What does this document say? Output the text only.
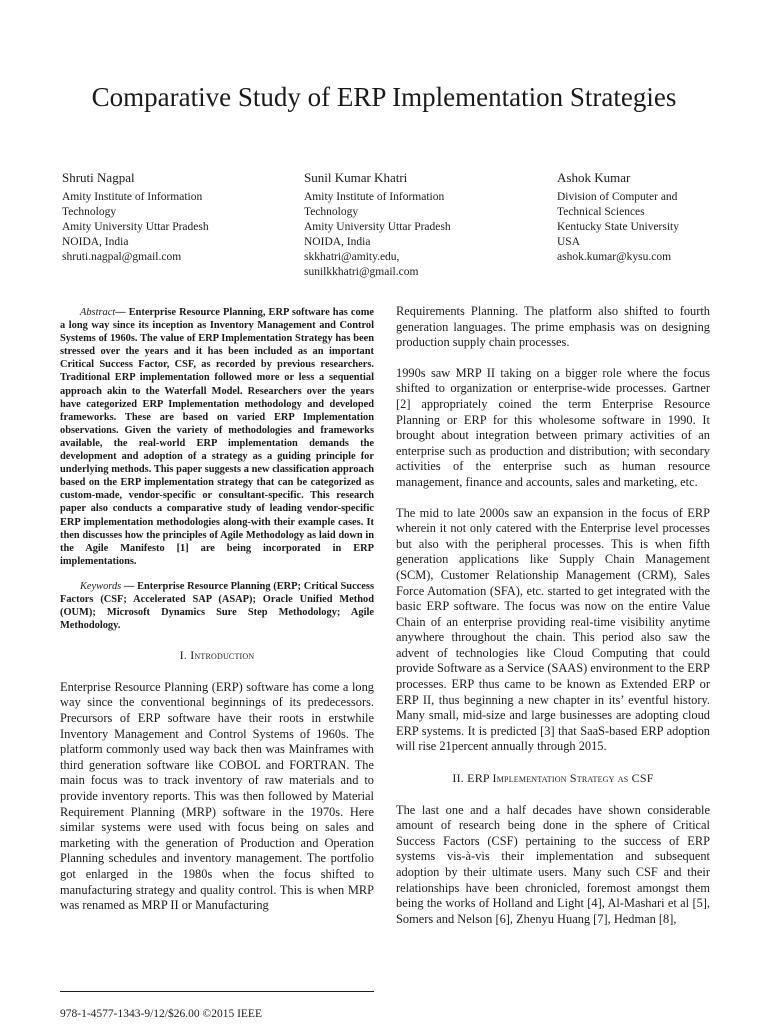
Comparative Study of ERP Implementation Strategies
Shruti Nagpal
Amity Institute of Information
Technology
Amity University Uttar Pradesh
NOIDA, India
shruti.nagpal@gmail.com
Sunil Kumar Khatri
Amity Institute of Information
Technology
Amity University Uttar Pradesh
NOIDA, India
skkhatri@amity.edu,
sunilkkhatri@gmail.com
Ashok Kumar
Division of Computer and
Technical Sciences
Kentucky State University
USA
ashok.kumar@kysu.com

Abstract— Enterprise Resource Planning, ERP software has come a long way since its inception as Inventory Management and Control Systems of 1960s. The value of ERP Implementation Strategy has been stressed over the years and it has been included as an important Critical Success Factor, CSF, as recorded by previous researchers. Traditional ERP implementation followed more or less a sequential approach akin to the Waterfall Model. Researchers over the years have categorized ERP Implementation methodology and developed frameworks. These are based on varied ERP Implementation observations. Given the variety of methodologies and frameworks available, the real-world ERP implementation demands the development and adoption of a strategy as a guiding principle for underlying methods. This paper suggests a new classification approach based on the ERP implementation strategy that can be categorized as custom-made, vendor-specific or consultant-specific. This research paper also conducts a comparative study of leading vendor-specific ERP implementation methodologies along-with their example cases. It then discusses how the principles of Agile Methodology as laid down in the Agile Manifesto [1] are being incorporated in ERP implementations.

Keywords — Enterprise Resource Planning (ERP; Critical Success Factors (CSF; Accelerated SAP (ASAP); Oracle Unified Method (OUM); Microsoft Dynamics Sure Step Methodology; Agile Methodology.

I. Introduction

Enterprise Resource Planning (ERP) software has come a long way since the conventional beginnings of its predecessors. Precursors of ERP software have their roots in erstwhile Inventory Management and Control Systems of 1960s. The platform commonly used way back then was Mainframes with third generation software like COBOL and FORTRAN. The main focus was to track inventory of raw materials and to provide inventory reports. This was then followed by Material Requirement Planning (MRP) software in the 1970s. Here similar systems were used with focus being on sales and marketing with the generation of Production and Operation Planning schedules and inventory management. The portfolio got enlarged in the 1980s when the focus shifted to manufacturing strategy and quality control. This is when MRP was renamed as MRP II or Manufacturing

Requirements Planning. The platform also shifted to fourth generation languages. The prime emphasis was on designing production supply chain processes.

1990s saw MRP II taking on a bigger role where the focus shifted to organization or enterprise-wide processes. Gartner [2] appropriately coined the term Enterprise Resource Planning or ERP for this wholesome software in 1990. It brought about integration between primary activities of an enterprise such as production and distribution; with secondary activities of the enterprise such as human resource management, finance and accounts, sales and marketing, etc.

The mid to late 2000s saw an expansion in the focus of ERP wherein it not only catered with the Enterprise level processes but also with the peripheral processes. This is when fifth generation applications like Supply Chain Management (SCM), Customer Relationship Management (CRM), Sales Force Automation (SFA), etc. started to get integrated with the basic ERP software. The focus was now on the entire Value Chain of an enterprise providing real-time visibility anytime anywhere throughout the chain. This period also saw the advent of technologies like Cloud Computing that could provide Software as a Service (SAAS) environment to the ERP processes. ERP thus came to be known as Extended ERP or ERP II, thus beginning a new chapter in its’ eventful history. Many small, mid-size and large businesses are adopting cloud ERP systems. It is predicted [3] that SaaS-based ERP adoption will rise 21percent annually through 2015.

II. ERP Implementation Strategy as CSF

The last one and a half decades have shown considerable amount of research being done in the sphere of Critical Success Factors (CSF) pertaining to the success of ERP systems vis-à-vis their implementation and subsequent adoption by their ultimate users. Many such CSF and their relationships have been chronicled, foremost amongst them being the works of Holland and Light [4], Al-Mashari et al [5], Somers and Nelson [6], Zhenyu Huang [7], Hedman [8],

978-1-4577-1343-9/12/$26.00 ©2015 IEEE
